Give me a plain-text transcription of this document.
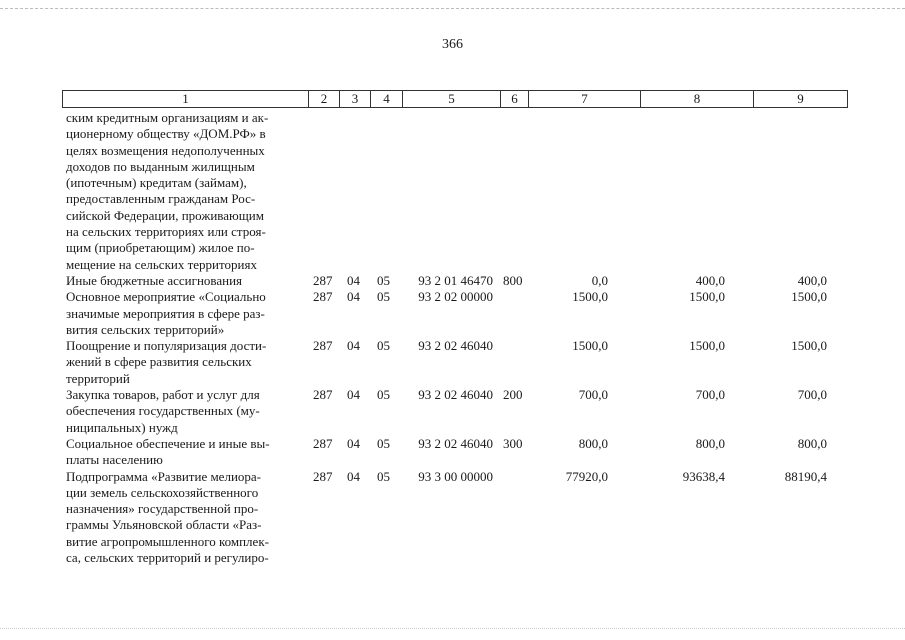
366
1	2	3	4	5	6	7	8	9
ским кредитным организациям и ак-
ционерному обществу «ДОМ.РФ» в
целях возмещения недополученных
доходов по выданным жилищным
(ипотечным) кредитам (займам),
предоставленным гражданам Рос-
сийской Федерации, проживающим
на сельских территориях или строя-
щим (приобретающим) жилое по-
мещение на сельских территориях
Иные бюджетные ассигнования	287 04 05	93 2 01 46470 800	0,0	400,0	400,0
Основное мероприятие «Социально
значимые мероприятия в сфере раз-
вития сельских территорий»
287 04 05	93 2 02 00000	1500,0	1500,0	1500,0
Поощрение и популяризация дости-
жений в сфере развития сельских
территорий
287 04 05	93 2 02 46040	1500,0	1500,0	1500,0
Закупка товаров, работ и услуг для
обеспечения государственных (му-
ниципальных) нужд
287 04 05	93 2 02 46040 200	700,0	700,0	700,0
Социальное обеспечение и иные вы-
платы населению
287 04 05	93 2 02 46040 300	800,0	800,0	800,0
Подпрограмма «Развитие мелиора-
ции земель сельскохозяйственного
назначения» государственной про-
граммы Ульяновской области «Раз-
витие агропромышленного комплек-
са, сельских территорий и регулиро-
287 04 05	93 3 00 00000	77920,0	93638,4	88190,4
